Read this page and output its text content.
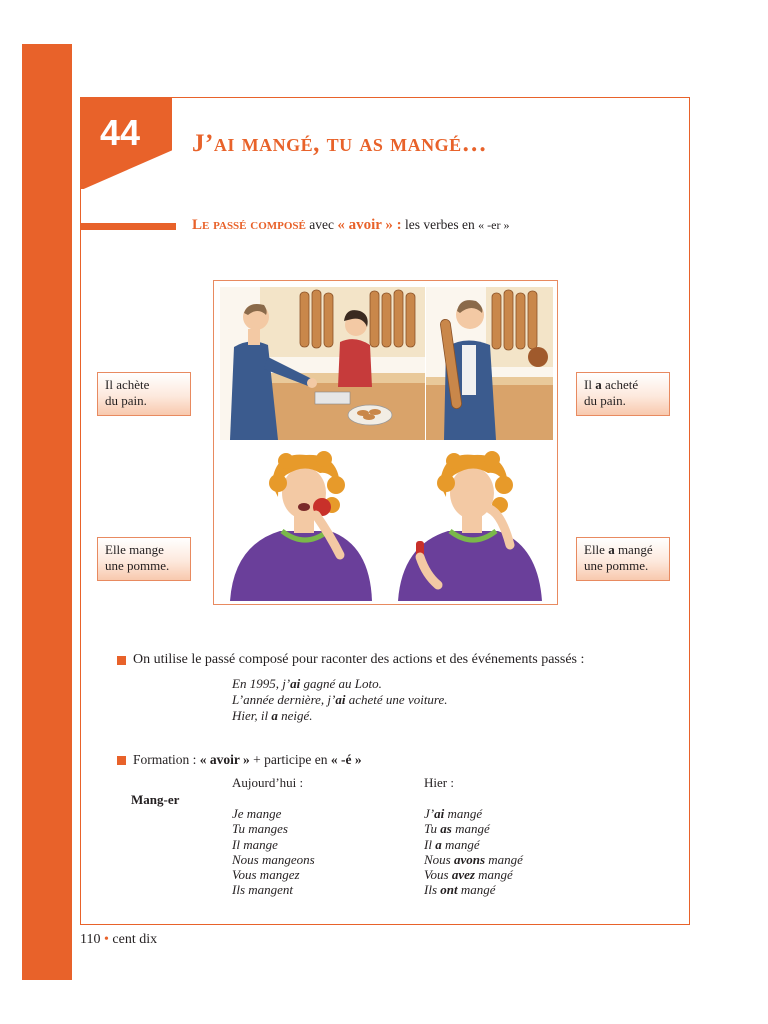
44	J’ai mangé, tu as mangé…
Le passé composé avec « avoir » : les verbes en « -er »
Il achète
du pain.
Il a acheté
du pain.
Elle mange
une pomme.
Elle a mangé
une pomme.
On utilise le passé composé pour raconter des actions et des événements passés :
En 1995, j’ai gagné au Loto.
L’année dernière, j’ai acheté une voiture.
Hier, il a neigé.
Formation : « avoir » + participe en « -é »
Aujourd’hui :	Hier :
Mang-er
Je mange
Tu manges
Il mange
Nous mangeons
Vous mangez
Ils mangent
J’ai mangé
Tu as mangé
Il a mangé
Nous avons mangé
Vous avez mangé
Ils ont mangé
110 • cent dix
